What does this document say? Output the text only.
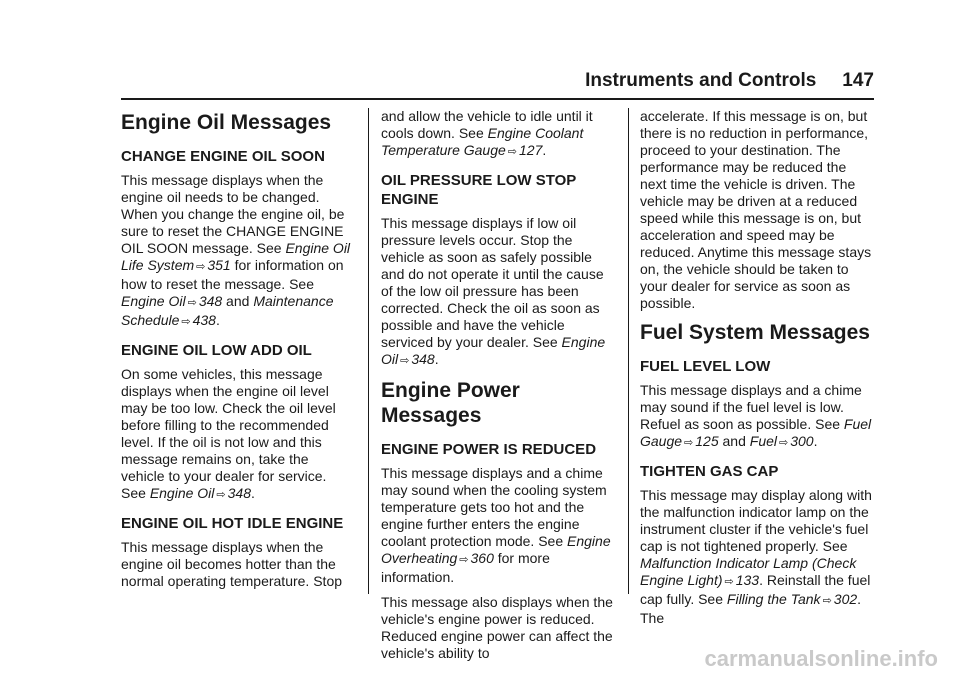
Instruments and Controls 147
Engine Oil Messages
CHANGE ENGINE OIL SOON

This message displays when the engine oil needs to be changed. When you change the engine oil, be sure to reset the CHANGE ENGINE OIL SOON message. See Engine Oil Life System ⇨ 351 for information on how to reset the message. See Engine Oil ⇨ 348 and Maintenance Schedule ⇨ 438.

ENGINE OIL LOW ADD OIL

On some vehicles, this message displays when the engine oil level may be too low. Check the oil level before filling to the recommended level. If the oil is not low and this message remains on, take the vehicle to your dealer for service. See Engine Oil ⇨ 348.

ENGINE OIL HOT IDLE ENGINE

This message displays when the engine oil becomes hotter than the normal operating temperature. Stop

and allow the vehicle to idle until it cools down. See Engine Coolant Temperature Gauge ⇨ 127.

OIL PRESSURE LOW STOP ENGINE

This message displays if low oil pressure levels occur. Stop the vehicle as soon as safely possible and do not operate it until the cause of the low oil pressure has been corrected. Check the oil as soon as possible and have the vehicle serviced by your dealer. See Engine Oil ⇨ 348.

Engine Power Messages
ENGINE POWER IS REDUCED

This message displays and a chime may sound when the cooling system temperature gets too hot and the engine further enters the engine coolant protection mode. See Engine Overheating ⇨ 360 for more information.

This message also displays when the vehicle's engine power is reduced. Reduced engine power can affect the vehicle's ability to

accelerate. If this message is on, but there is no reduction in performance, proceed to your destination. The performance may be reduced the next time the vehicle is driven. The vehicle may be driven at a reduced speed while this message is on, but acceleration and speed may be reduced. Anytime this message stays on, the vehicle should be taken to your dealer for service as soon as possible.

Fuel System Messages
FUEL LEVEL LOW

This message displays and a chime may sound if the fuel level is low. Refuel as soon as possible. See Fuel Gauge ⇨ 125 and Fuel ⇨ 300.

TIGHTEN GAS CAP

This message may display along with the malfunction indicator lamp on the instrument cluster if the vehicle's fuel cap is not tightened properly. See Malfunction Indicator Lamp (Check Engine Light) ⇨ 133. Reinstall the fuel cap fully. See Filling the Tank ⇨ 302. The

carmanualsonline.info
